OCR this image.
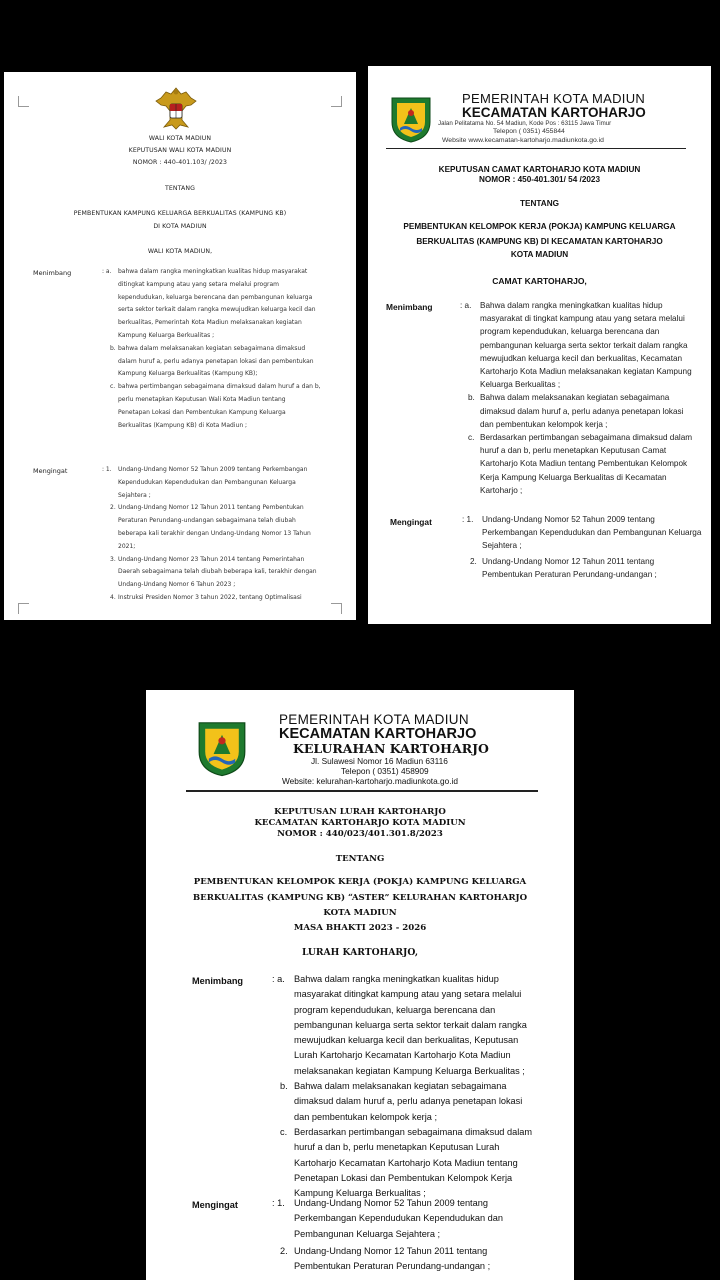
WALI KOTA MADIUN
KEPUTUSAN WALI KOTA MADIUN
NOMOR : 440-401.103/ /2023
TENTANG
PEMBENTUKAN KAMPUNG KELUARGA BERKUALITAS (KAMPUNG KB)
DI KOTA MADIUN
WALI KOTA MADIUN,
Menimbang	: a. bahwa dalam rangka meningkatkan kualitas hidup masyarakat
ditingkat kampung atau yang setara melalui program
kependudukan, keluarga berencana dan pembangunan keluarga
serta sektor terkait dalam rangka mewujudkan keluarga kecil dan
berkualitas, Pemerintah Kota Madiun melaksanakan kegiatan
Kampung Keluarga Berkualitas ;
b. bahwa dalam melaksanakan kegiatan sebagaimana dimaksud
dalam huruf a, perlu adanya penetapan lokasi dan pembentukan
Kampung Keluarga Berkualitas (Kampung KB);
c. bahwa pertimbangan sebagaimana dimaksud dalam huruf a dan b,
perlu menetapkan Keputusan Wali Kota Madiun tentang
Penetapan Lokasi dan Pembentukan Kampung Keluarga
Berkualitas (Kampung KB) di Kota Madiun ;
Mengingat	: 1. Undang-Undang Nomor 52 Tahun 2009 tentang Perkembangan
Kependudukan Kependudukan dan Pembangunan Keluarga
Sejahtera ;
2. Undang-Undang Nomor 12 Tahun 2011 tentang Pembentukan
Peraturan Perundang-undangan sebagaimana telah diubah
beberapa kali terakhir dengan Undang-Undang Nomor 13 Tahun
2021;
3. Undang-Undang Nomor 23 Tahun 2014 tentang Pemerintahan
Daerah sebagaimana telah diubah beberapa kali, terakhir dengan
Undang-Undang Nomor 6 Tahun 2023 ;
4. Instruksi Presiden Nomor 3 tahun 2022, tentang Optimalisasi
PEMERINTAH KOTA MADIUN
KECAMATAN KARTOHARJO
Jalan Pelitatama No. 54 Madiun, Kode Pos : 63115 Jawa Timur
Telepon ( 0351) 455844
Website www.kecamatan-kartoharjo.madiunkota.go.id
KEPUTUSAN CAMAT KARTOHARJO KOTA MADIUN
NOMOR : 450-401.301/ 54 /2023
TENTANG
PEMBENTUKAN KELOMPOK KERJA (POKJA) KAMPUNG KELUARGA
BERKUALITAS (KAMPUNG KB) DI KECAMATAN KARTOHARJO
KOTA MADIUN
CAMAT KARTOHARJO,
Menimbang	: a. Bahwa dalam rangka meningkatkan kualitas hidup
masyarakat di tingkat kampung atau yang setara melalui
program kependudukan, keluarga berencana dan
pembangunan keluarga serta sektor terkait dalam rangka
mewujudkan keluarga kecil dan berkualitas, Kecamatan
Kartoharjo Kota Madiun melaksanakan kegiatan Kampung
Keluarga Berkualitas ;
b. Bahwa dalam melaksanakan kegiatan sebagaimana
dimaksud dalam huruf a, perlu adanya penetapan lokasi
dan pembentukan kelompok kerja ;
c. Berdasarkan pertimbangan sebagaimana dimaksud dalam
huruf a dan b, perlu menetapkan Keputusan Camat
Kartoharjo Kota Madiun tentang Pembentukan Kelompok
Kerja Kampung Keluarga Berkualitas di Kecamatan
Kartoharjo ;
Mengingat	: 1. Undang-Undang Nomor 52 Tahun 2009 tentang
Perkembangan Kependudukan dan Pembangunan Keluarga
Sejahtera ;
2. Undang-Undang Nomor 12 Tahun 2011 tentang
Pembentukan Peraturan Perundang-undangan ;
PEMERINTAH KOTA MADIUN
KECAMATAN KARTOHARJO
KELURAHAN KARTOHARJO
Jl. Sulawesi Nomor 16 Madiun 63116
Telepon ( 0351) 458909
Website: kelurahan-kartoharjo.madiunkota.go.id
KEPUTUSAN LURAH KARTOHARJO
KECAMATAN KARTOHARJO KOTA MADIUN
NOMOR : 440/023/401.301.8/2023
TENTANG
PEMBENTUKAN KELOMPOK KERJA (POKJA) KAMPUNG KELUARGA
BERKUALITAS (KAMPUNG KB) “ASTER” KELURAHAN KARTOHARJO
KOTA MADIUN
MASA BHAKTI 2023 - 2026
LURAH KARTOHARJO,
Menimbang	: a. Bahwa dalam rangka meningkatkan kualitas hidup
masyarakat ditingkat kampung atau yang setara melalui
program kependudukan, keluarga berencana dan
pembangunan keluarga serta sektor terkait dalam rangka
mewujudkan keluarga kecil dan berkualitas, Keputusan
Lurah Kartoharjo Kecamatan Kartoharjo Kota Madiun
melaksanakan kegiatan Kampung Keluarga Berkualitas ;
b. Bahwa dalam melaksanakan kegiatan sebagaimana
dimaksud dalam huruf a, perlu adanya penetapan lokasi
dan pembentukan kelompok kerja ;
c. Berdasarkan pertimbangan sebagaimana dimaksud dalam
huruf a dan b, perlu menetapkan Keputusan Lurah
Kartoharjo Kecamatan Kartoharjo Kota Madiun tentang
Penetapan Lokasi dan Pembentukan Kelompok Kerja
Kampung Keluarga Berkualitas ;
Mengingat	: 1. Undang-Undang Nomor 52 Tahun 2009 tentang
Perkembangan Kependudukan Kependudukan dan
Pembangunan Keluarga Sejahtera ;
2. Undang-Undang Nomor 12 Tahun 2011 tentang
Pembentukan Peraturan Perundang-undangan ;
